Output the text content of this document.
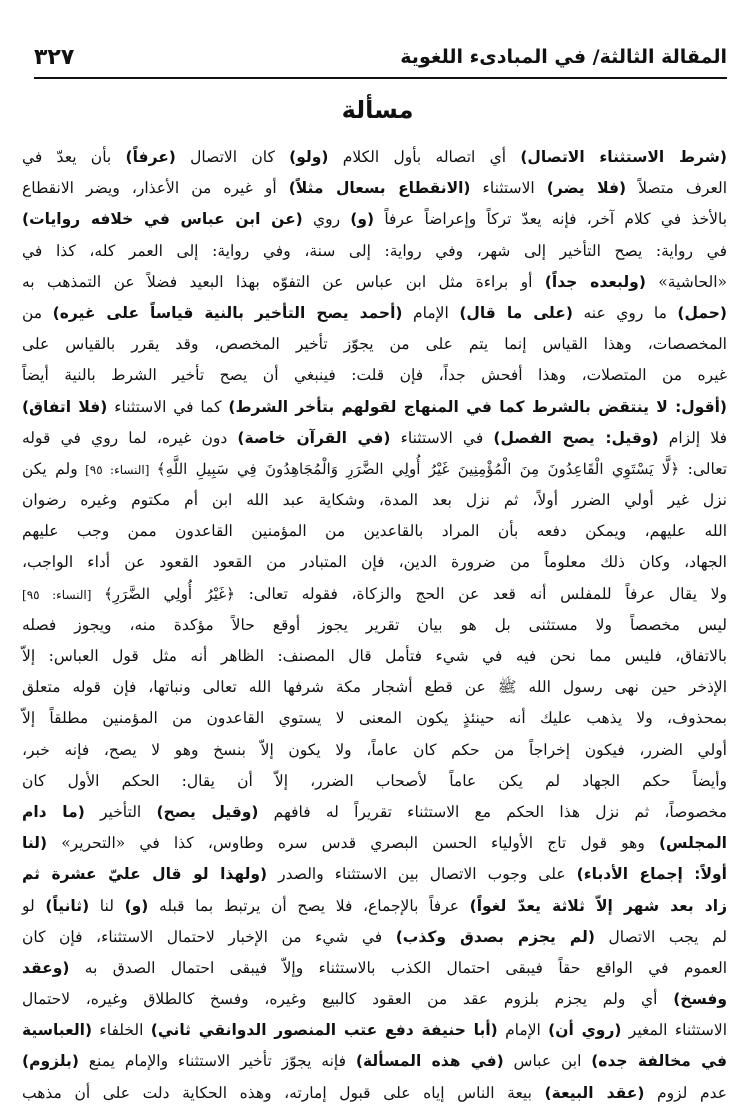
المقالة الثالثة/ في المبادىء اللغوية
٣٢٧
مسألة
(شرط الاستثناء الاتصال) أي اتصاله بأول الكلام (ولو) كان الاتصال (عرفاً) بأن يعدّ في
العرف متصلاً (فلا يضر) الاستثناء (الانقطاع بسعال مثلاً) أو غيره من الأعذار، ويضر الانقطاع
بالأخذ في كلام آخر، فإنه يعدّ تركاً وإعراضاً عرفاً (و) روي (عن ابن عباس في خلافه روايات)
في رواية: يصح التأخير إلى شهر، وفي رواية: إلى سنة، وفي رواية: إلى العمر كله، كذا في
«الحاشية» (ولبعده جداً) أو براءة مثل ابن عباس عن التفوّه بهذا البعيد فضلاً عن التمذهب به
(حمل) ما روي عنه (على ما قال) الإمام (أحمد يصح التأخير بالنية قياساً على غيره) من
المخصصات، وهذا القياس إنما يتم على من يجوّز تأخير المخصص، وقد يقرر بالقياس على
غيره من المتصلات، وهذا أفحش جداً، فإن قلت: فينبغي أن يصح تأخير الشرط بالنية أيضاً
(أقول: لا ينتقض بالشرط كما في المنهاج لقولهم بتأخر الشرط) كما في الاستثناء (فلا اتفاق)
فلا إلزام (وقيل: يصح الفصل) في الاستثناء (في القرآن خاصة) دون غيره، لما روي في قوله
تعالى: ﴿لَّا يَسْتَوِي الْقَاعِدُونَ مِنَ الْمُؤْمِنِينَ غَيْرُ أُولِي الضَّرَرِ وَالْمُجَاهِدُونَ فِي سَبِيلِ اللَّهِ﴾ [النساء: ٩٥] ولم يكن
نزل غير أولي الضرر أولاً، ثم نزل بعد المدة، وشكاية عبد الله ابن أم مكتوم وغيره رضوان
الله عليهم، ويمكن دفعه بأن المراد بالقاعدين من المؤمنين القاعدون ممن وجب عليهم
الجهاد، وكان ذلك معلوماً من ضرورة الدين، فإن المتبادر من القعود القعود عن أداء الواجب،
ولا يقال عرفاً للمفلس أنه قعد عن الحج والزكاة، فقوله تعالى: ﴿غَيْرُ أُولِي الضَّرَرِ﴾ [النساء: ٩٥]
ليس مخصصاً ولا مستثنى بل هو بيان تقرير يجوز أوقع حالاً مؤكدة منه، ويجوز فصله
بالاتفاق، فليس مما نحن فيه في شيء فتأمل قال المصنف: الظاهر أنه مثل قول العباس: إلاّ
الإذخر حين نهى رسول الله ﷺ عن قطع أشجار مكة شرفها الله تعالى ونباتها، فإن قوله متعلق
بمحذوف، ولا يذهب عليك أنه حينئذٍ يكون المعنى لا يستوي القاعدون من المؤمنين مطلقاً إلاّ
أولي الضرر، فيكون إخراجاً من حكم كان عاماً، ولا يكون إلاّ بنسخ وهو لا يصح، فإنه خبر،
وأيضاً حكم الجهاد لم يكن عاماً لأصحاب الضرر، إلاّ أن يقال: الحكم الأول كان
مخصوصاً، ثم نزل هذا الحكم مع الاستثناء تقريراً له فافهم (وقيل يصح) التأخير (ما دام
المجلس) وهو قول تاج الأولياء الحسن البصري قدس سره وطاوس، كذا في «التحرير» (لنا
أولاً: إجماع الأدباء) على وجوب الاتصال بين الاستثناء والصدر (ولهذا لو قال عليّ عشرة ثم
زاد بعد شهر إلاّ ثلاثة يعدّ لغواً) عرفاً بالإجماع، فلا يصح أن يرتبط بما قبله (و) لنا (ثانياً) لو
لم يجب الاتصال (لم يجزم بصدق وكذب) في شيء من الإخبار لاحتمال الاستثناء، فإن كان
العموم في الواقع حقاً فيبقى احتمال الكذب بالاستثناء وإلاّ فيبقى احتمال الصدق به (وعقد
وفسخ) أي ولم يجزم بلزوم عقد من العقود كالبيع وغيره، وفسخ كالطلاق وغيره، لاحتمال
الاستثناء المغير (روي أن) الإمام (أبا حنيفة دفع عتب المنصور الدوانقي ثاني) الخلفاء (العباسية
في مخالفة جده) ابن عباس (في هذه المسألة) فإنه يجوّز تأخير الاستثناء والإمام يمنع (بلزوم)
عدم لزوم (عقد البيعة) بيعة الناس إياه على قبول إمارته، وهذه الحكاية دلت على أن مذهب
